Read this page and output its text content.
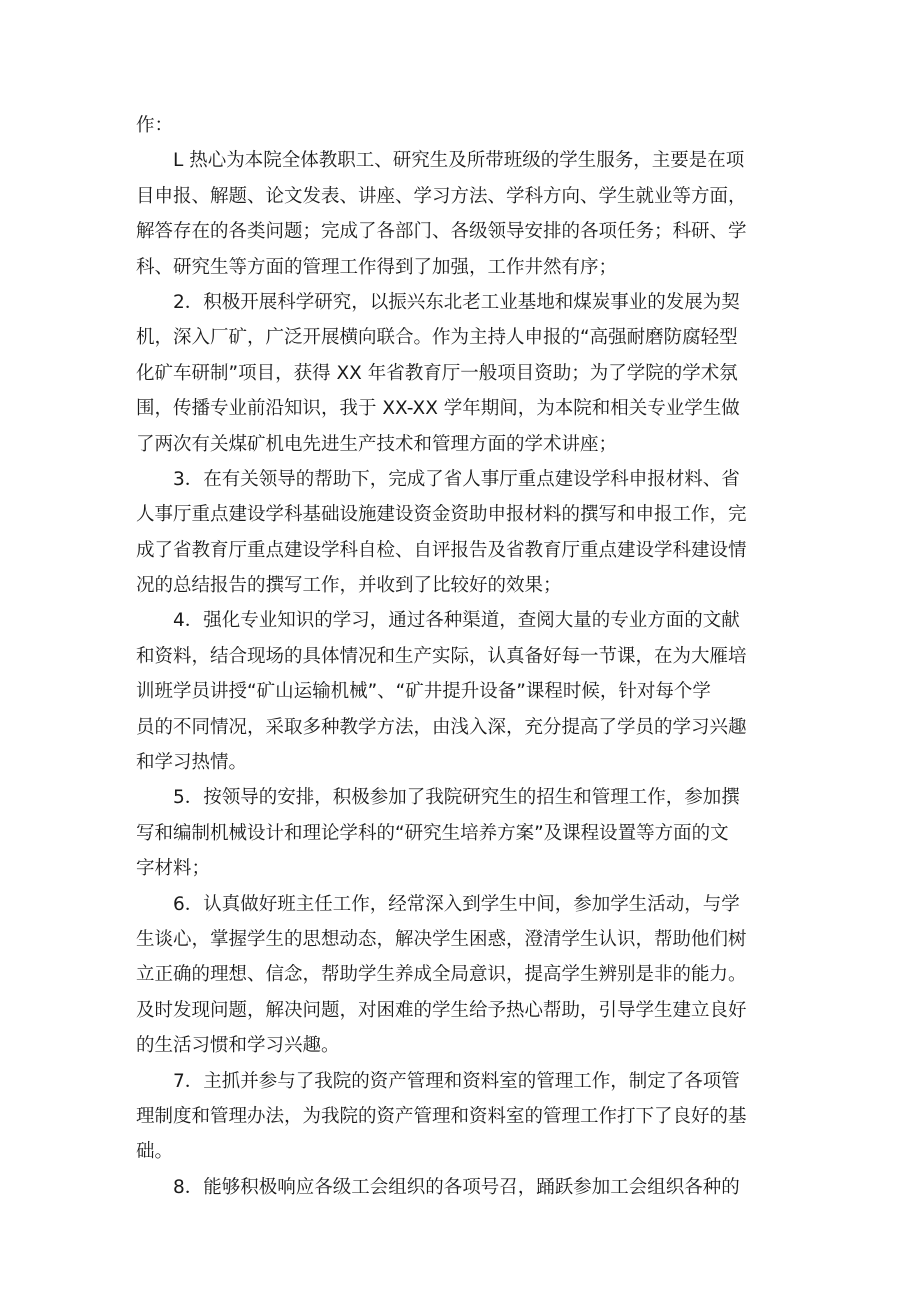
作：
L 热心为本院全体教职工、研究生及所带班级的学生服务，主要是在项
目申报、解题、论文发表、讲座、学习方法、学科方向、学生就业等方面，
解答存在的各类问题；完成了各部门、各级领导安排的各项任务；科研、学
科、研究生等方面的管理工作得到了加强，工作井然有序；
2．积极开展科学研究，以振兴东北老工业基地和煤炭事业的发展为契
机，深入厂矿，广泛开展横向联合。作为主持人申报的“高强耐磨防腐轻型
化矿车研制”项目，获得 XX 年省教育厅一般项目资助；为了学院的学术氛
围，传播专业前沿知识，我于 XX-XX 学年期间，为本院和相关专业学生做
了两次有关煤矿机电先进生产技术和管理方面的学术讲座；
3．在有关领导的帮助下，完成了省人事厅重点建设学科申报材料、省
人事厅重点建设学科基础设施建设资金资助申报材料的撰写和申报工作，完
成了省教育厅重点建设学科自检、自评报告及省教育厅重点建设学科建设情
况的总结报告的撰写工作，并收到了比较好的效果；
4．强化专业知识的学习，通过各种渠道，查阅大量的专业方面的文献
和资料，结合现场的具体情况和生产实际，认真备好每一节课，在为大雁培
训班学员讲授“矿山运输机械”、“矿井提升设备”课程时候，针对每个学
员的不同情况，采取多种教学方法，由浅入深，充分提高了学员的学习兴趣
和学习热情。
5．按领导的安排，积极参加了我院研究生的招生和管理工作，参加撰
写和编制机械设计和理论学科的“研究生培养方案”及课程设置等方面的文
字材料；
6．认真做好班主任工作，经常深入到学生中间，参加学生活动，与学
生谈心，掌握学生的思想动态，解决学生困惑，澄清学生认识，帮助他们树
立正确的理想、信念，帮助学生养成全局意识，提高学生辨别是非的能力。
及时发现问题，解决问题，对困难的学生给予热心帮助，引导学生建立良好
的生活习惯和学习兴趣。
7．主抓并参与了我院的资产管理和资料室的管理工作，制定了各项管
理制度和管理办法，为我院的资产管理和资料室的管理工作打下了良好的基
础。
8．能够积极响应各级工会组织的各项号召，踊跃参加工会组织各种的
